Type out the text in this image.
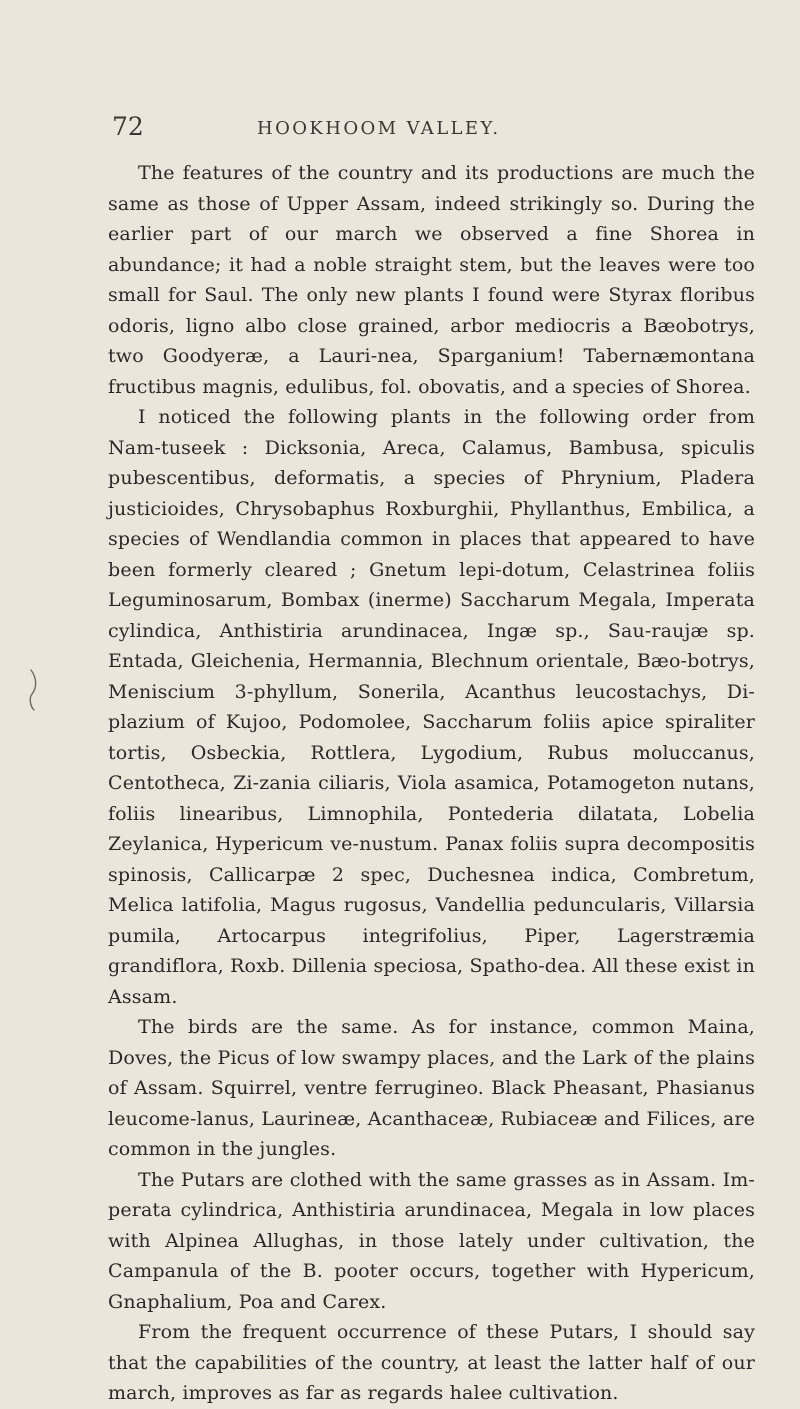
72	HOOKHOOM VALLEY.

The features of the country and its productions are much the same as those of Upper Assam, indeed strikingly so. During the earlier part of our march we observed a fine Shorea in abundance; it had a noble straight stem, but the leaves were too small for Saul. The only new plants I found were Styrax floribus odoris, ligno albo close grained, arbor mediocris a Bæobotrys, two Goodyeræ, a Lauri-nea, Sparganium! Tabernæmontana fructibus magnis, edulibus, fol. obovatis, and a species of Shorea.

I noticed the following plants in the following order from Nam-tuseek : Dicksonia, Areca, Calamus, Bambusa, spiculis pubescentibus, deformatis, a species of Phrynium, Pladera justicioides, Chrysobaphus Roxburghii, Phyllanthus, Embilica, a species of Wendlandia common in places that appeared to have been formerly cleared ; Gnetum lepi-dotum, Celastrinea foliis Leguminosarum, Bombax (inerme) Saccharum Megala, Imperata cylindica, Anthistiria arundinacea, Ingæ sp., Sau-raujæ sp. Entada, Gleichenia, Hermannia, Blechnum orientale, Bæo-botrys, Meniscium 3-phyllum, Sonerila, Acanthus leucostachys, Di-plazium of Kujoo, Podomolee, Saccharum foliis apice spiraliter tortis, Osbeckia, Rottlera, Lygodium, Rubus moluccanus, Centotheca, Zi-zania ciliaris, Viola asamica, Potamogeton nutans, foliis linearibus, Limnophila, Pontederia dilatata, Lobelia Zeylanica, Hypericum ve-nustum. Panax foliis supra decompositis spinosis, Callicarpæ 2 spec, Duchesnea indica, Combretum, Melica latifolia, Magus rugosus, Vandellia peduncularis, Villarsia pumila, Artocarpus integrifolius, Piper, Lagerstræmia grandiflora, Roxb. Dillenia speciosa, Spatho-dea. All these exist in Assam.

The birds are the same. As for instance, common Maina, Doves, the Picus of low swampy places, and the Lark of the plains of Assam. Squirrel, ventre ferrugineo. Black Pheasant, Phasianus leucome-lanus, Laurineæ, Acanthaceæ, Rubiaceæ and Filices, are common in the jungles.

The Putars are clothed with the same grasses as in Assam. Im-perata cylindrica, Anthistiria arundinacea, Megala in low places with Alpinea Allughas, in those lately under cultivation, the Campanula of the B. pooter occurs, together with Hypericum, Gnaphalium, Poa and Carex.

From the frequent occurrence of these Putars, I should say that the capabilities of the country, at least the latter half of our march, improves as far as regards halee cultivation.
